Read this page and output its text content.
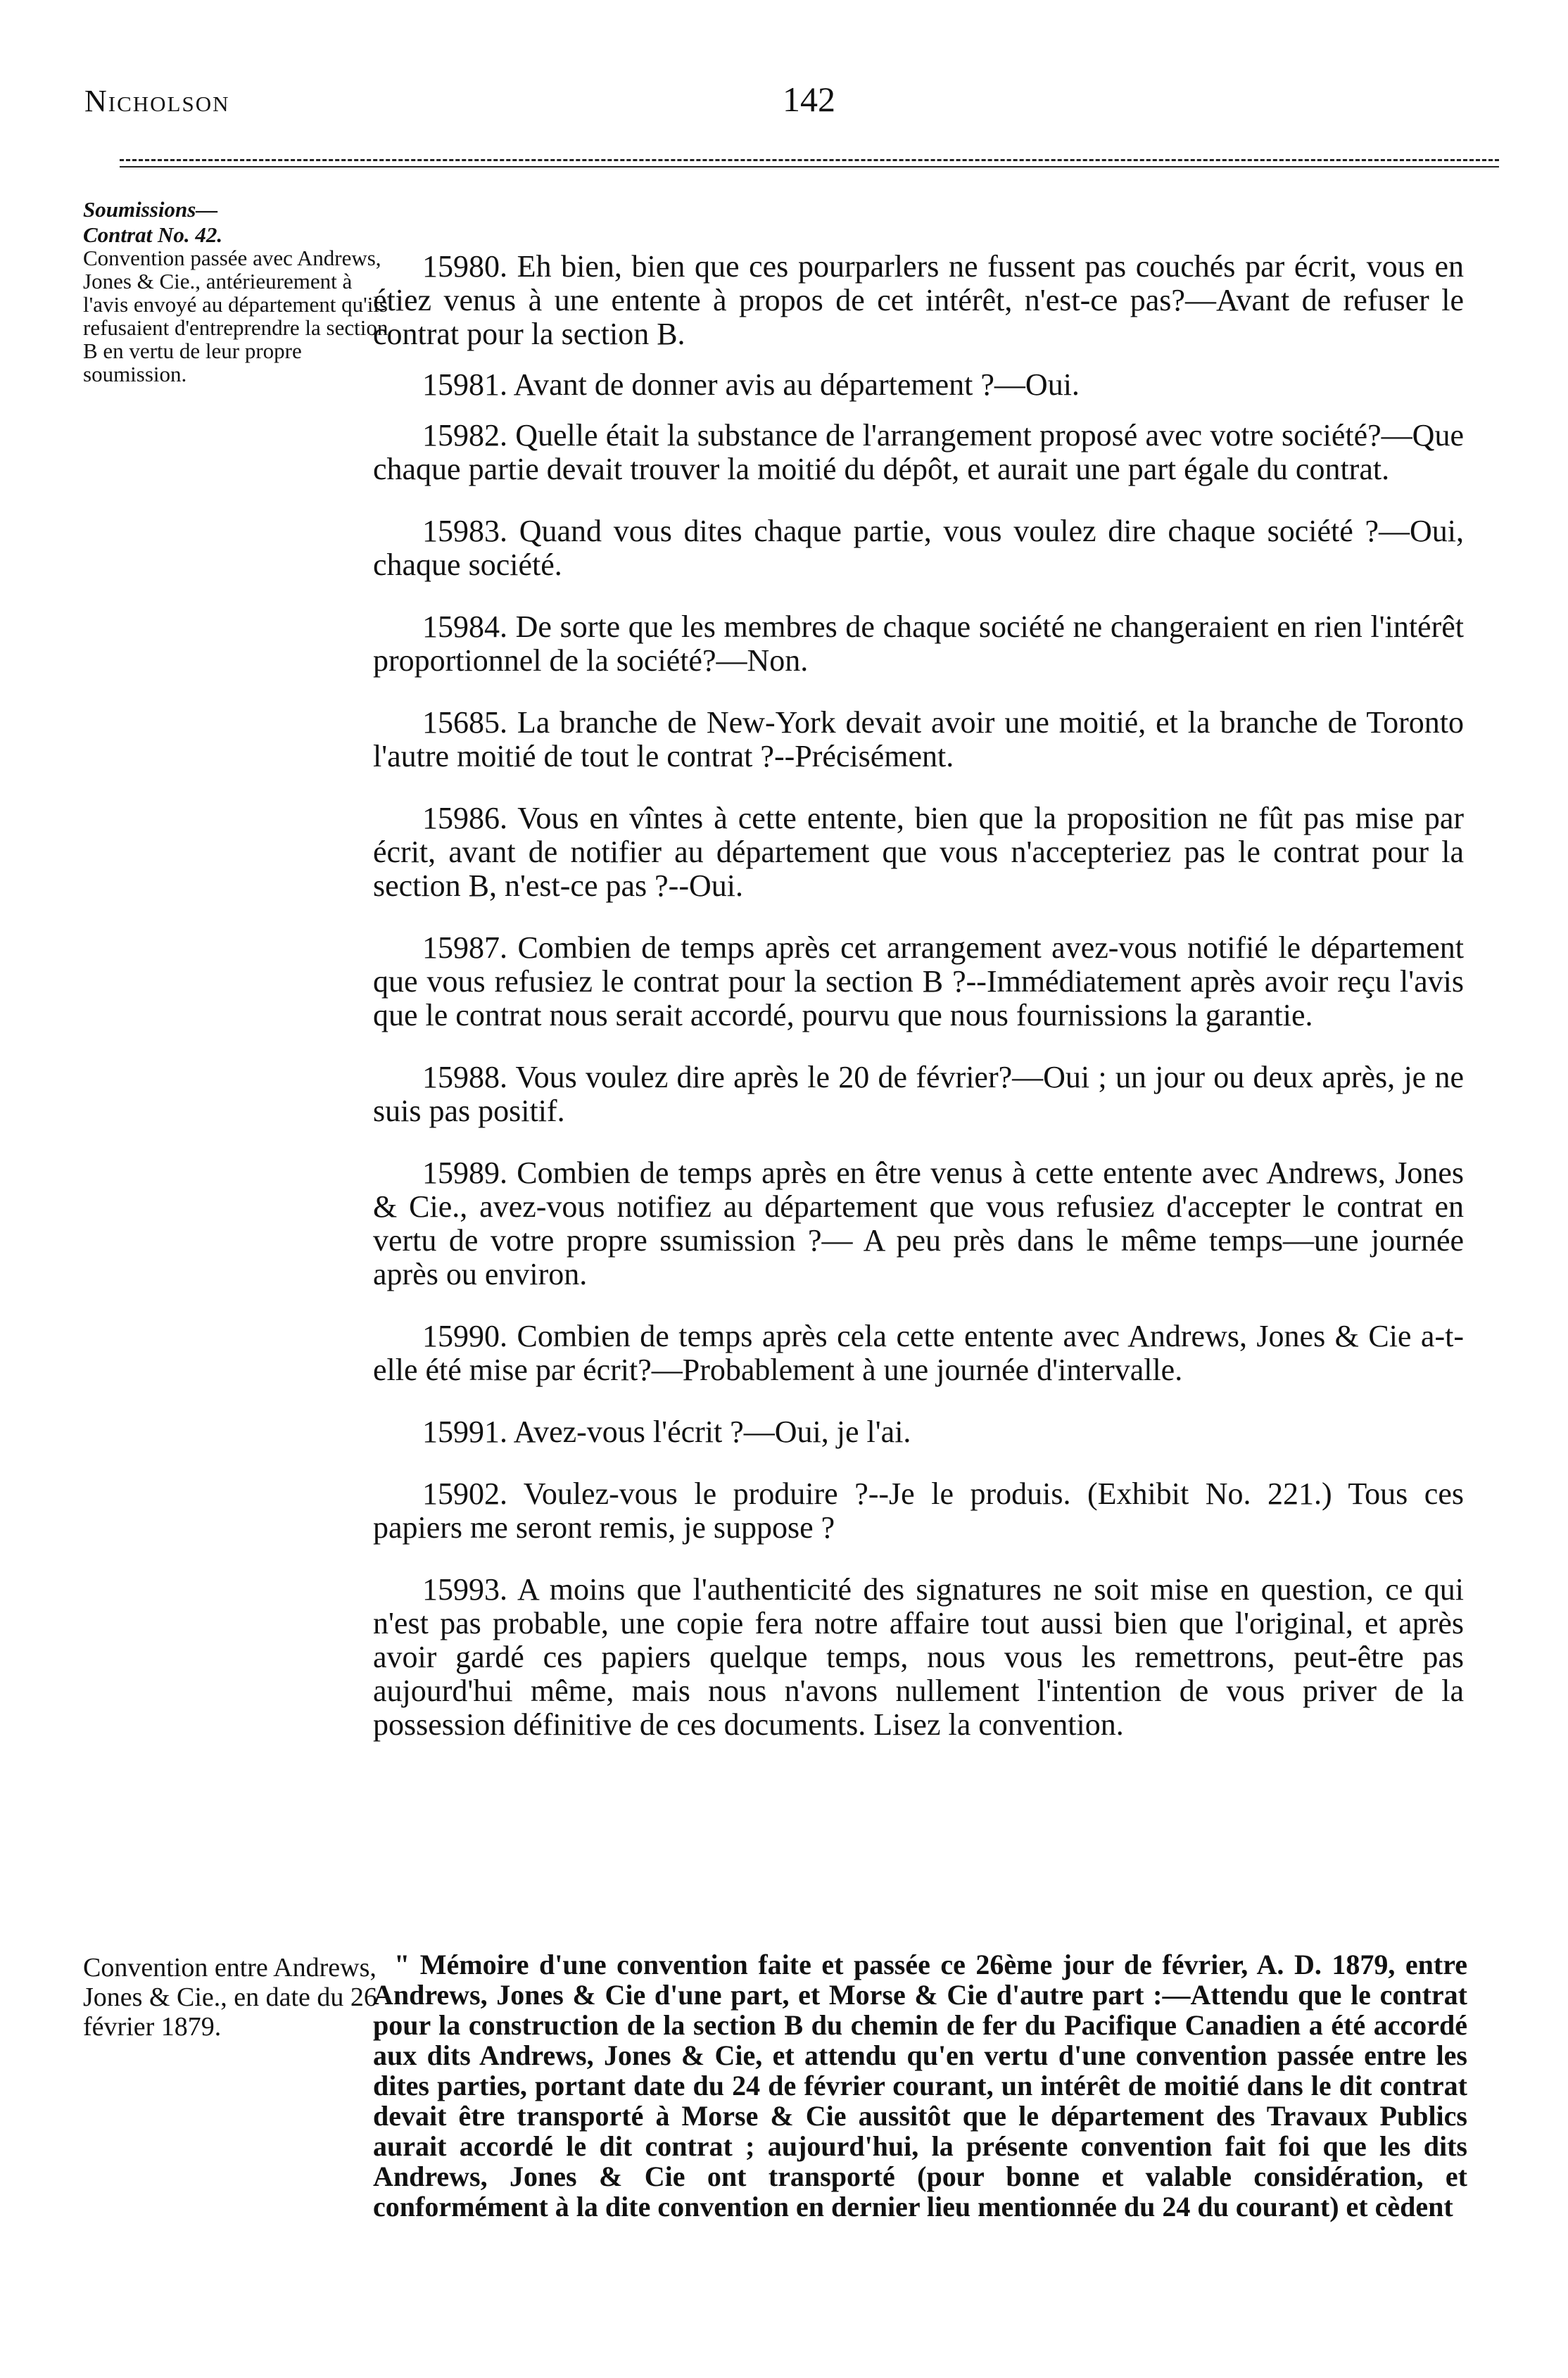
Nicholson	142
Soumissions—
Contrat No. 42.
Convention passée avec Andrews, Jones & Cie., antérieurement à l'avis envoyé au département qu'ils refusaient d'entreprendre la section B en vertu de leur propre soumission.
Convention entre Andrews, Jones & Cie., en date du 26 février 1879.

15980. Eh bien, bien que ces pourparlers ne fussent pas couchés par écrit, vous en étiez venus à une entente à propos de cet intérêt, n'est-ce pas?—Avant de refuser le contrat pour la section B.

15981. Avant de donner avis au département ?—Oui.

15982. Quelle était la substance de l'arrangement proposé avec votre société?—Que chaque partie devait trouver la moitié du dépôt, et aurait une part égale du contrat.

15983. Quand vous dites chaque partie, vous voulez dire chaque société ?—Oui, chaque société.

15984. De sorte que les membres de chaque société ne changeraient en rien l'intérêt proportionnel de la société?—Non.

15685. La branche de New-York devait avoir une moitié, et la branche de Toronto l'autre moitié de tout le contrat ?--Précisément.

15986. Vous en vîntes à cette entente, bien que la proposition ne fût pas mise par écrit, avant de notifier au département que vous n'accepteriez pas le contrat pour la section B, n'est-ce pas ?--Oui.

15987. Combien de temps après cet arrangement avez-vous notifié le département que vous refusiez le contrat pour la section B ?--Immédiatement après avoir reçu l'avis que le contrat nous serait accordé, pourvu que nous fournissions la garantie.

15988. Vous voulez dire après le 20 de février?—Oui ; un jour ou deux après, je ne suis pas positif.

15989. Combien de temps après en être venus à cette entente avec Andrews, Jones & Cie., avez-vous notifiez au département que vous refusiez d'accepter le contrat en vertu de votre propre ssumission ?— A peu près dans le même temps—une journée après ou environ.

15990. Combien de temps après cela cette entente avec Andrews, Jones & Cie a-t-elle été mise par écrit?—Probablement à une journée d'intervalle.

15991. Avez-vous l'écrit ?—Oui, je l'ai.

15902. Voulez-vous le produire ?--Je le produis. (Exhibit No. 221.) Tous ces papiers me seront remis, je suppose ?

15993. A moins que l'authenticité des signatures ne soit mise en question, ce qui n'est pas probable, une copie fera notre affaire tout aussi bien que l'original, et après avoir gardé ces papiers quelque temps, nous vous les remettrons, peut-être pas aujourd'hui même, mais nous n'avons nullement l'intention de vous priver de la possession définitive de ces documents. Lisez la convention.

" Mémoire d'une convention faite et passée ce 26ème jour de février, A. D. 1879, entre Andrews, Jones & Cie d'une part, et Morse & Cie d'autre part :—Attendu que le contrat pour la construction de la section B du chemin de fer du Pacifique Canadien a été accordé aux dits Andrews, Jones & Cie, et attendu qu'en vertu d'une convention passée entre les dites parties, portant date du 24 de février courant, un intérêt de moitié dans le dit contrat devait être transporté à Morse & Cie aussitôt que le département des Travaux Publics aurait accordé le dit contrat ; aujourd'hui, la présente convention fait foi que les dits Andrews, Jones & Cie ont transporté (pour bonne et valable considération, et conformément à la dite convention en dernier lieu mentionnée du 24 du courant) et cèdent
